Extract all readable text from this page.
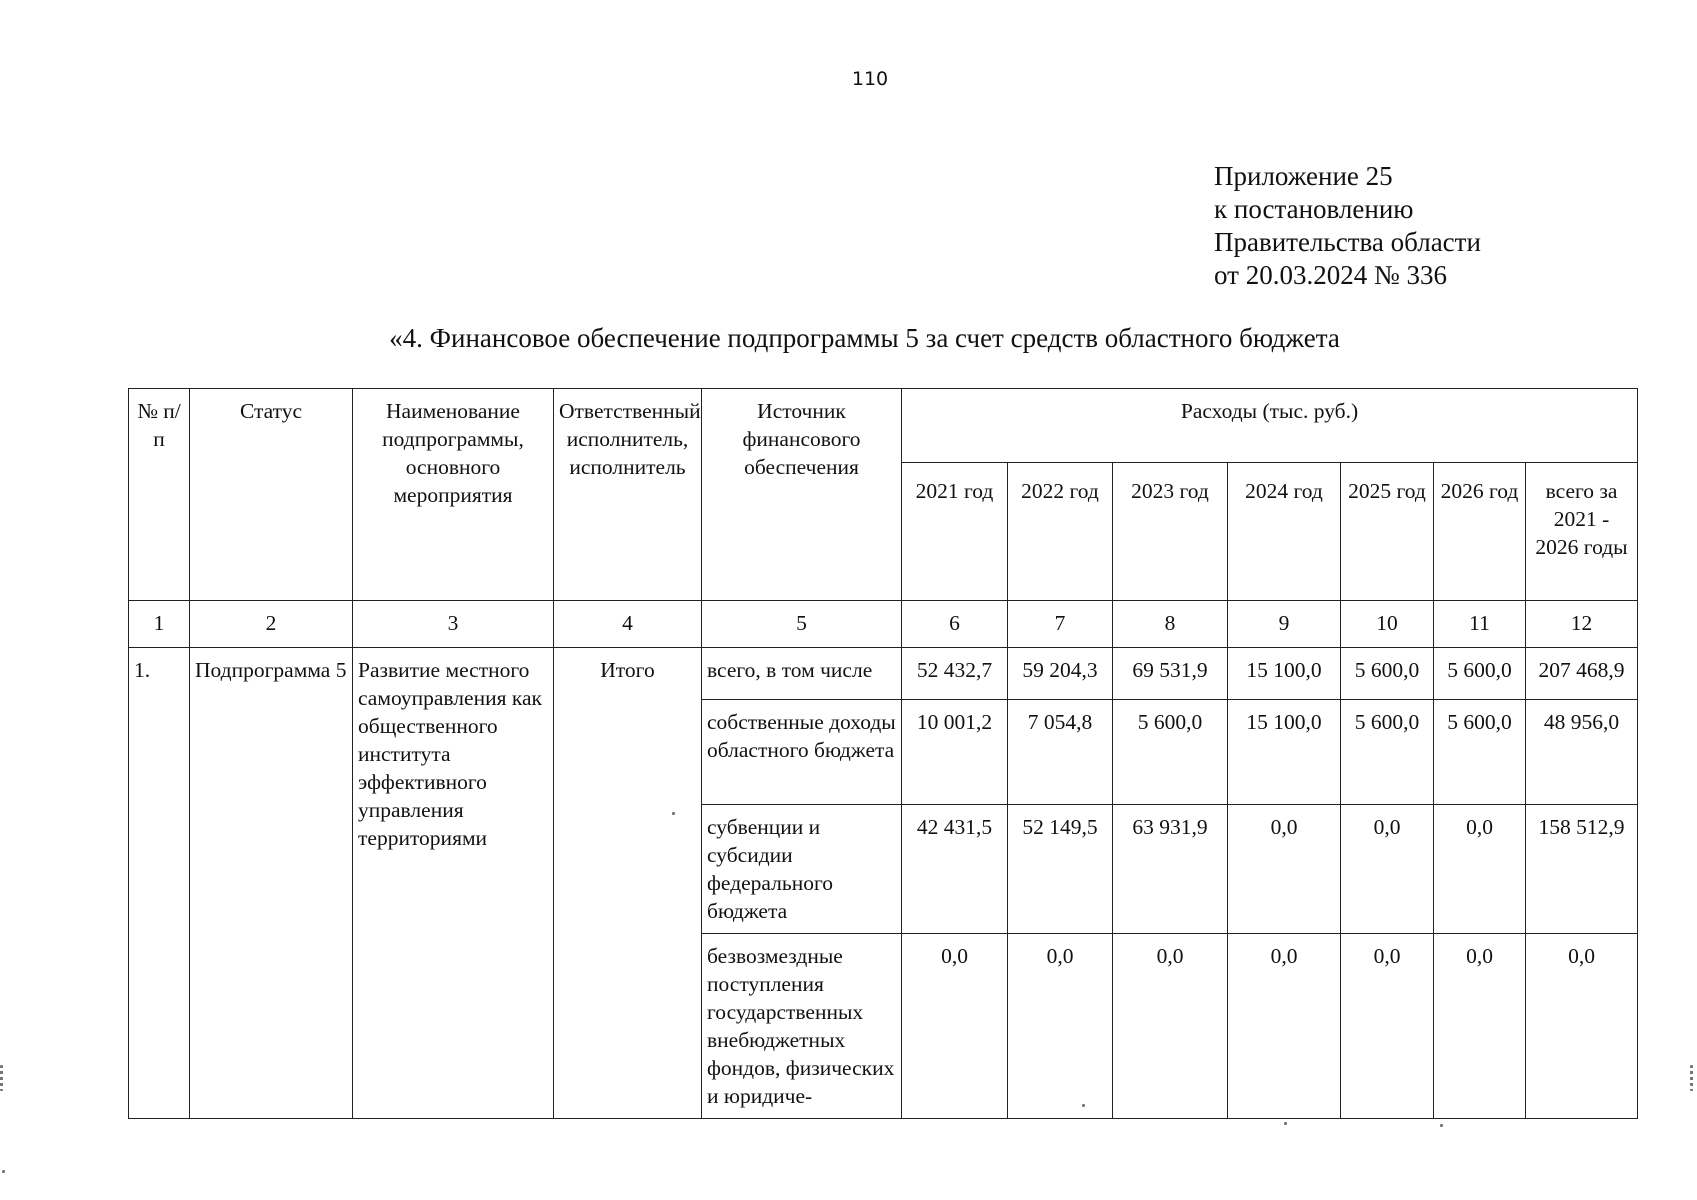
110
Приложение 25
к постановлению
Правительства области
от 20.03.2024 № 336
«4. Финансовое обеспечение подпрограммы 5 за счет средств областного бюджета
№ п/п	Статус	Наименование подпрограммы, основного мероприятия	Ответственный исполнитель, исполнитель	Источник финансового обеспечения	Расходы (тыс. руб.)						
					2021 год	2022 год	2023 год	2024 год	2025 год	2026 год	всего за 2021 - 2026 годы
1	2	3	4	5	6	7	8	9	10	11	12
1.	Подпрограмма 5	Развитие местного самоуправления как общественного института эффективного управления территориями	Итого	всего, в том числе	52 432,7	59 204,3	69 531,9	15 100,0	5 600,0	5 600,0	207 468,9
				собственные доходы областного бюджета	10 001,2	7 054,8	5 600,0	15 100,0	5 600,0	5 600,0	48 956,0
				субвенции и субсидии федерального бюджета	42 431,5	52 149,5	63 931,9	0,0	0,0	0,0	158 512,9
				безвозмездные поступления государственных внебюджетных фондов, физических и юридиче-	0,0	0,0	0,0	0,0	0,0	0,0	0,0
